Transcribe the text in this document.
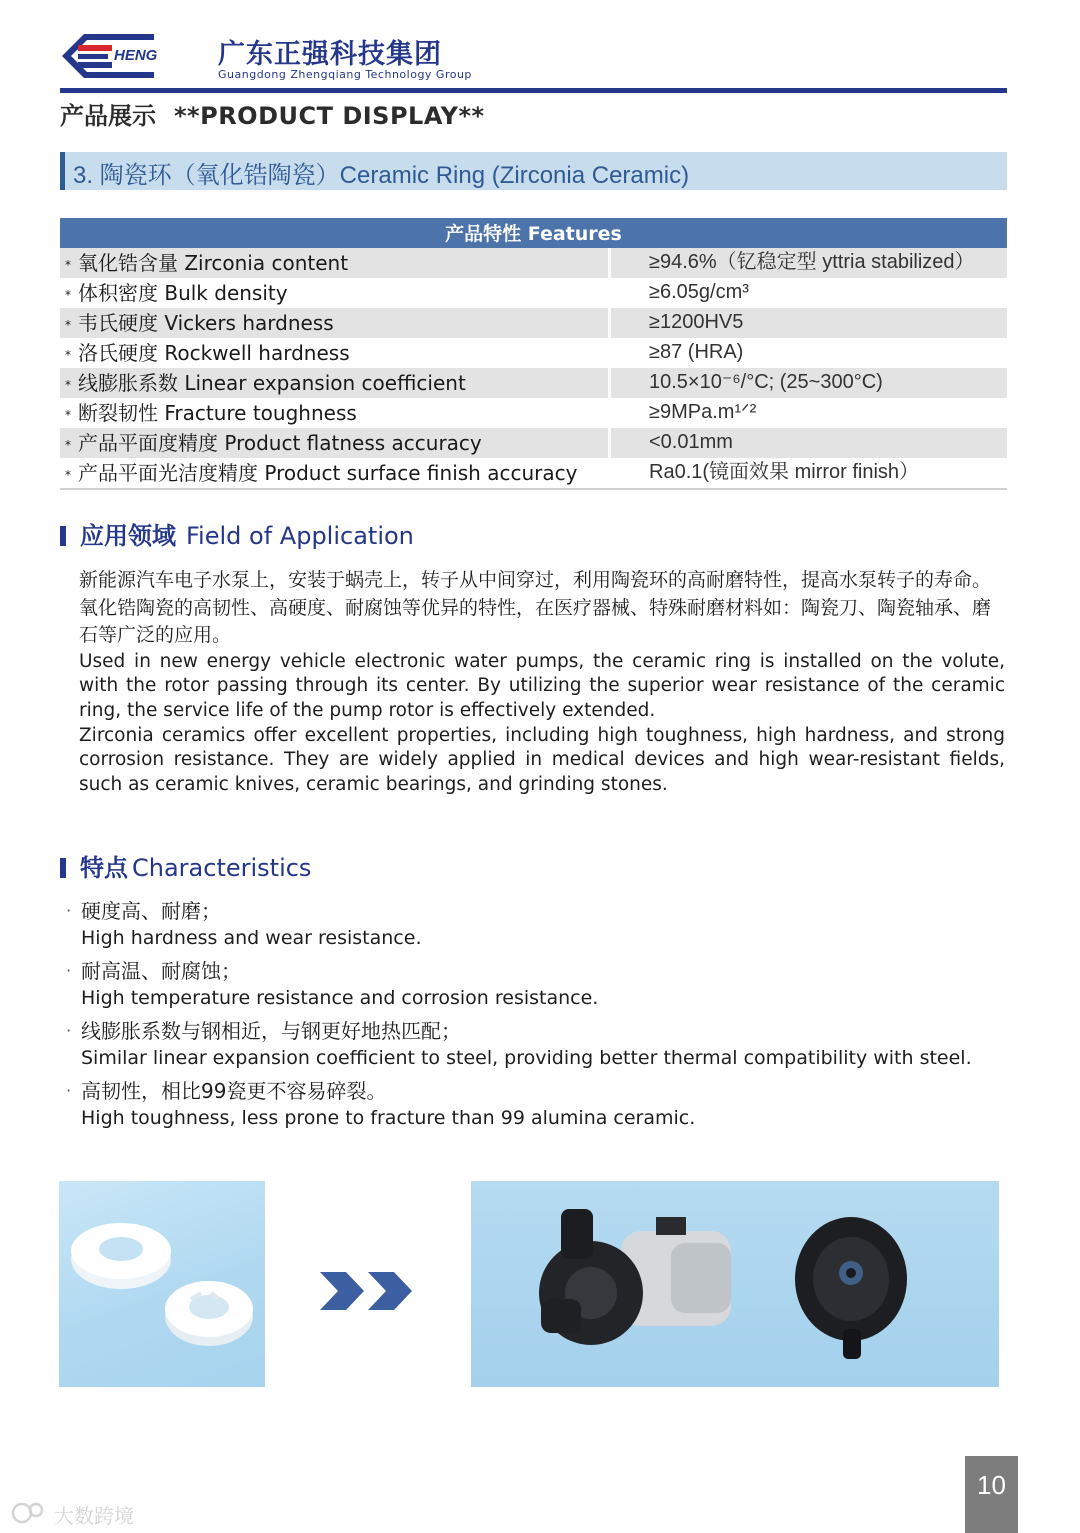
HENG 广东正强科技集团
Guangdong Zhengqiang Technology Group
产品展示 **PRODUCT DISPLAY**
3. 陶瓷环（氧化锆陶瓷）Ceramic Ring (Zirconia Ceramic)
产品特性 Features
* 氧化锆含量 Zirconia content	≥94.6%（钇稳定型 yttria stabilized）
* 体积密度 Bulk density	≥6.05g/cm³
* 韦氏硬度 Vickers hardness	≥1200HV5
* 洛氏硬度 Rockwell hardness	≥87 (HRA)
* 线膨胀系数 Linear expansion coefficient	10.5×10⁻⁶/°C; (25~300°C)
* 断裂韧性 Fracture toughness	≥9MPa.m¹ᐟ²
* 产品平面度精度 Product flatness accuracy	<0.01mm
* 产品平面光洁度精度 Product surface finish accuracy	Ra0.1(镜面效果 mirror finish）
应用领域 Field of Application

新能源汽车电子水泵上，安装于蜗壳上，转子从中间穿过，利用陶瓷环的高耐磨特性，提高水泵转子的寿命。

氧化锆陶瓷的高韧性、高硬度、耐腐蚀等优异的特性，在医疗器械、特殊耐磨材料如：陶瓷刀、陶瓷轴承、磨石等广泛的应用。

Used in new energy vehicle electronic water pumps, the ceramic ring is installed on the volute, with the rotor passing through its center. By utilizing the superior wear resistance of the ceramic ring, the service life of the pump rotor is effectively extended.

Zirconia ceramics offer excellent properties, including high toughness, high hardness, and strong corrosion resistance. They are widely applied in medical devices and high wear-resistant fields, such as ceramic knives, ceramic bearings, and grinding stones.

特点 Characteristics
· 硬度高、耐磨；
High hardness and wear resistance.
· 耐高温、耐腐蚀；
High temperature resistance and corrosion resistance.
· 线膨胀系数与钢相近，与钢更好地热匹配；
Similar linear expansion coefficient to steel, providing better thermal compatibility with steel.
· 高韧性，相比99瓷更不容易碎裂。
High toughness, less prone to fracture than 99 alumina ceramic.
10
大数跨境
